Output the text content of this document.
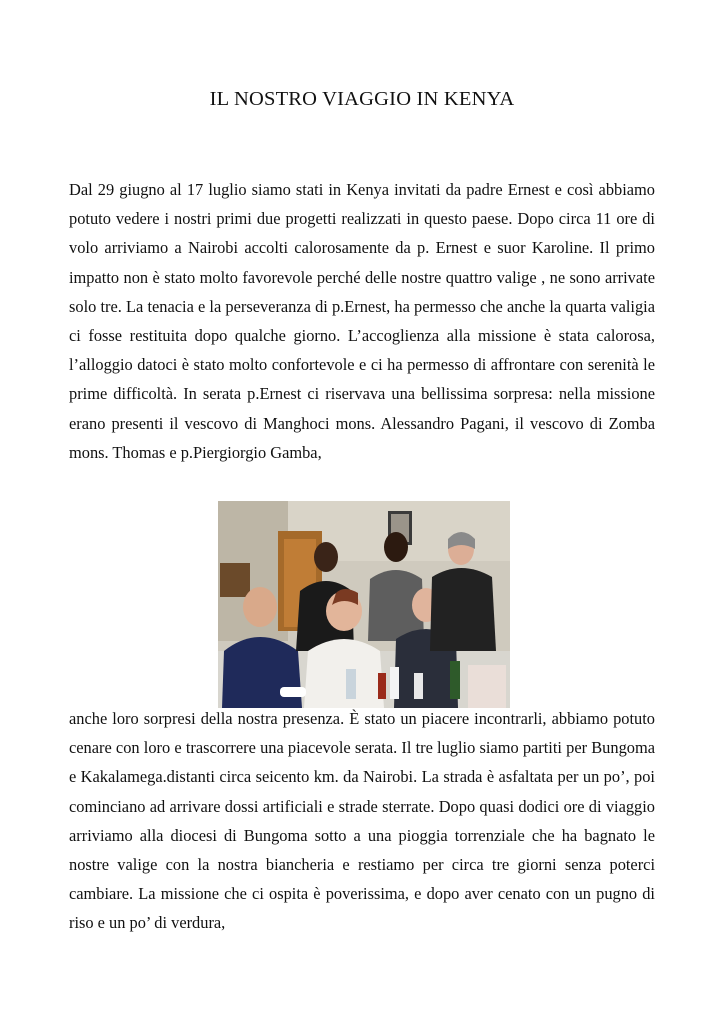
IL NOSTRO VIAGGIO IN KENYA

Dal 29 giugno al 17 luglio siamo stati in Kenya invitati da padre Ernest e così abbiamo potuto vedere i nostri primi due progetti realizzati in questo paese. Dopo circa 11 ore di volo arriviamo a Nairobi accolti calorosamente da p. Ernest e suor Karoline. Il primo impatto non è stato molto favorevole perché delle nostre quattro valige , ne sono arrivate solo tre. La tenacia e la perseveranza di p.Ernest, ha permesso che anche la quarta valigia ci fosse restituita dopo qualche giorno. L’accoglienza alla missione è stata calorosa, l’alloggio datoci è stato molto confortevole e ci ha permesso di affrontare con serenità le prime difficoltà. In serata p.Ernest ci riservava una bellissima sorpresa: nella missione erano presenti il vescovo di Manghoci mons. Alessandro Pagani, il vescovo di Zomba mons. Thomas e p.Piergiorgio Gamba,

anche loro sorpresi della nostra presenza. È stato un piacere incontrarli, abbiamo potuto cenare con loro e trascorrere una piacevole serata. Il tre luglio siamo partiti per Bungoma e Kakalamega.distanti circa seicento km. da Nairobi. La strada è asfaltata per un po’, poi cominciano ad arrivare dossi artificiali e strade sterrate. Dopo quasi dodici ore di viaggio arriviamo alla diocesi di Bungoma sotto a una pioggia torrenziale che ha bagnato le nostre valige con la nostra biancheria e restiamo per circa tre giorni senza poterci cambiare. La missione che ci ospita è poverissima, e dopo aver cenato con un pugno di riso e un po’ di verdura,
